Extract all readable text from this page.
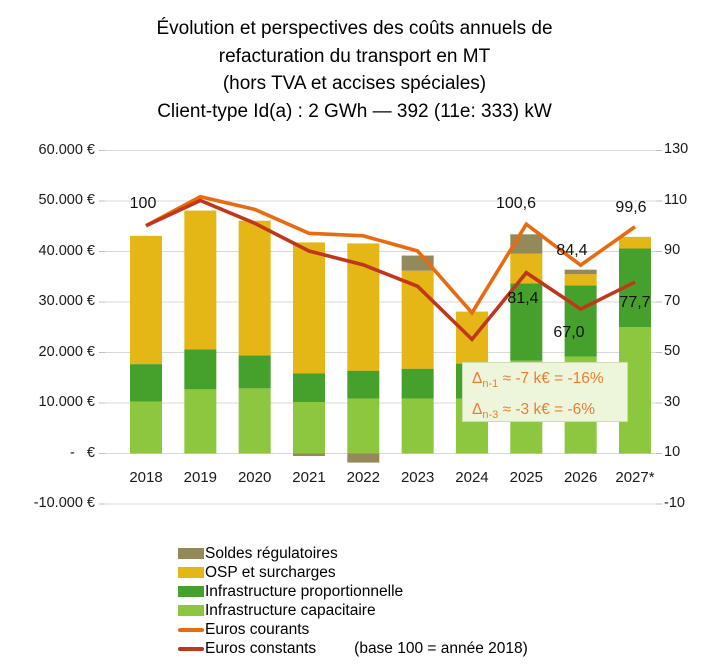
Évolution et perspectives des coûts annuels de
refacturation du transport en MT
(hors TVA et accises spéciales)
Client-type Id(a) : 2 GWh — 392 (11e: 333) kW
$\Delta_{n-1} \approx -7$ k€ = -16%
$\Delta_{n-3} \approx -3$ k€ = -6%
Soldes régulatoires
OSP et surcharges
Infrastructure proportionnelle
Infrastructure capacitaire
Euros courants
Euros constants (base 100 = année 2018)
60.000 €
50.000 €
40.000 €
30.000 €
20.000 €
10.000 €
-   €
-10.000 €
130
110
90
70
50
30
10
-10
2018	2019	2020	2021	2022	2023	2024	2025	2026	2027*
100	100,6
81,4
84,4
67,0
99,6
77,7
